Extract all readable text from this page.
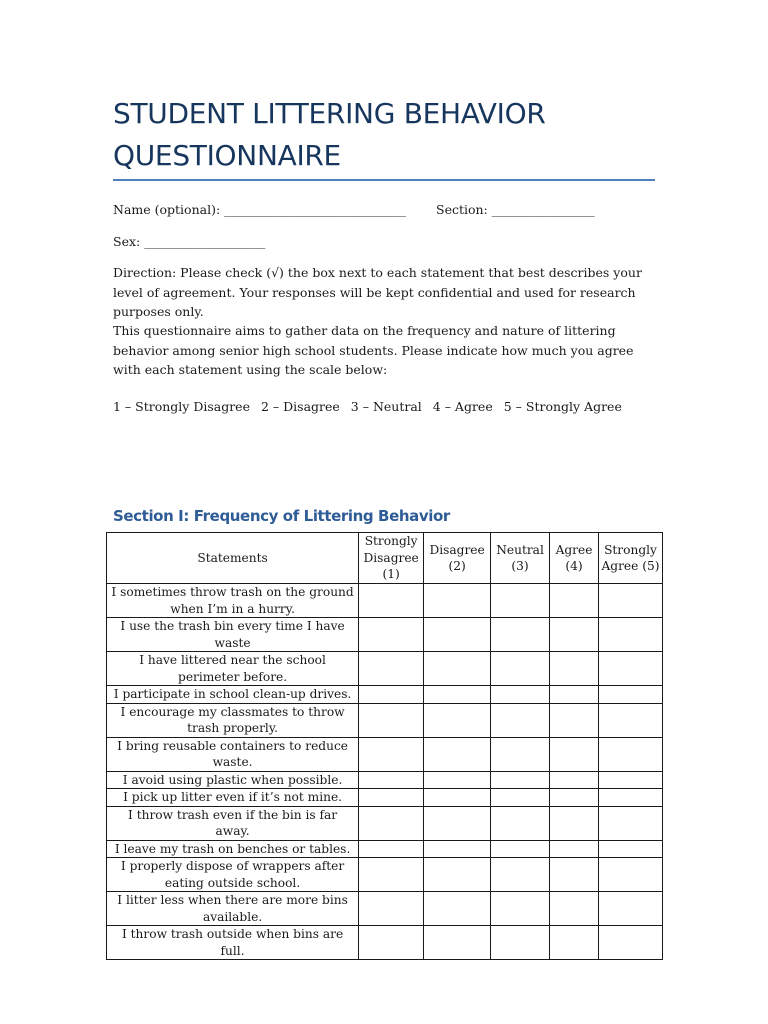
STUDENT LITTERING BEHAVIOR QUESTIONNAIRE

Name (optional): ______________________________ Section: _________________

Sex: ____________________

Direction: Please check (√) the box next to each statement that best describes your level of agreement. Your responses will be kept confidential and used for research purposes only.

This questionnaire aims to gather data on the frequency and nature of littering behavior among senior high school students. Please indicate how much you agree with each statement using the scale below:

1 – Strongly Disagree 2 – Disagree 3 – Neutral 4 – Agree 5 – Strongly Agree

Section I: Frequency of Littering Behavior
Statements	Strongly Disagree (1)	Disagree (2)	Neutral (3)	Agree (4)	Strongly Agree (5)
I sometimes throw trash on the ground when I’m in a hurry.					
I use the trash bin every time I have waste					
I have littered near the school perimeter before.					
I participate in school clean-up drives.					
I encourage my classmates to throw trash properly.					
I bring reusable containers to reduce waste.					
I avoid using plastic when possible.					
I pick up litter even if it’s not mine.					
I throw trash even if the bin is far away.					
I leave my trash on benches or tables.					
I properly dispose of wrappers after eating outside school.					
I litter less when there are more bins available.					
I throw trash outside when bins are full.					
